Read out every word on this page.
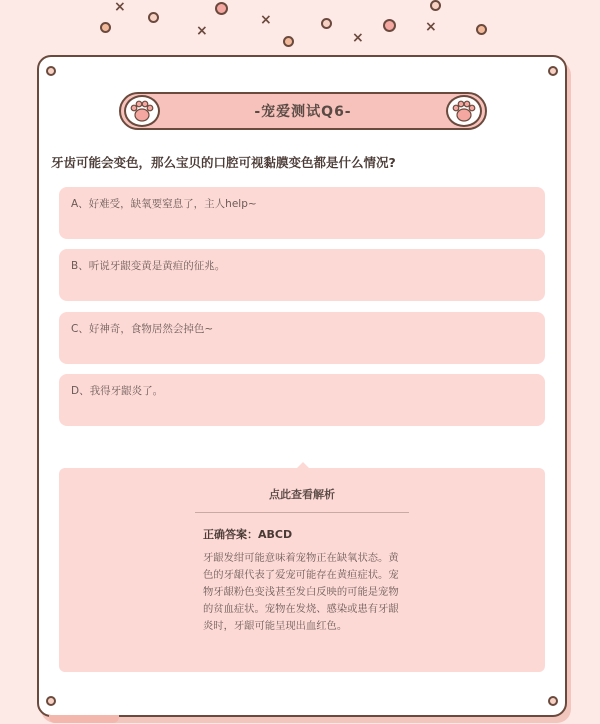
×
×
×
×
×
-宠爱测试Q6-
牙齿可能会变色，那么宝贝的口腔可视黏膜变色都是什么情况?
A、好难受，缺氧要窒息了，主人help~
B、听说牙龈变黄是黄疸的征兆。
C、好神奇，食物居然会掉色~
D、我得牙龈炎了。
点此查看解析
正确答案：ABCD
牙龈发绀可能意味着宠物正在缺氧状态。黄色的牙龈代表了爱宠可能存在黄疸症状。宠物牙龈粉色变浅甚至发白反映的可能是宠物的贫血症状。宠物在发烧、感染或患有牙龈炎时，牙龈可能呈现出血红色。
